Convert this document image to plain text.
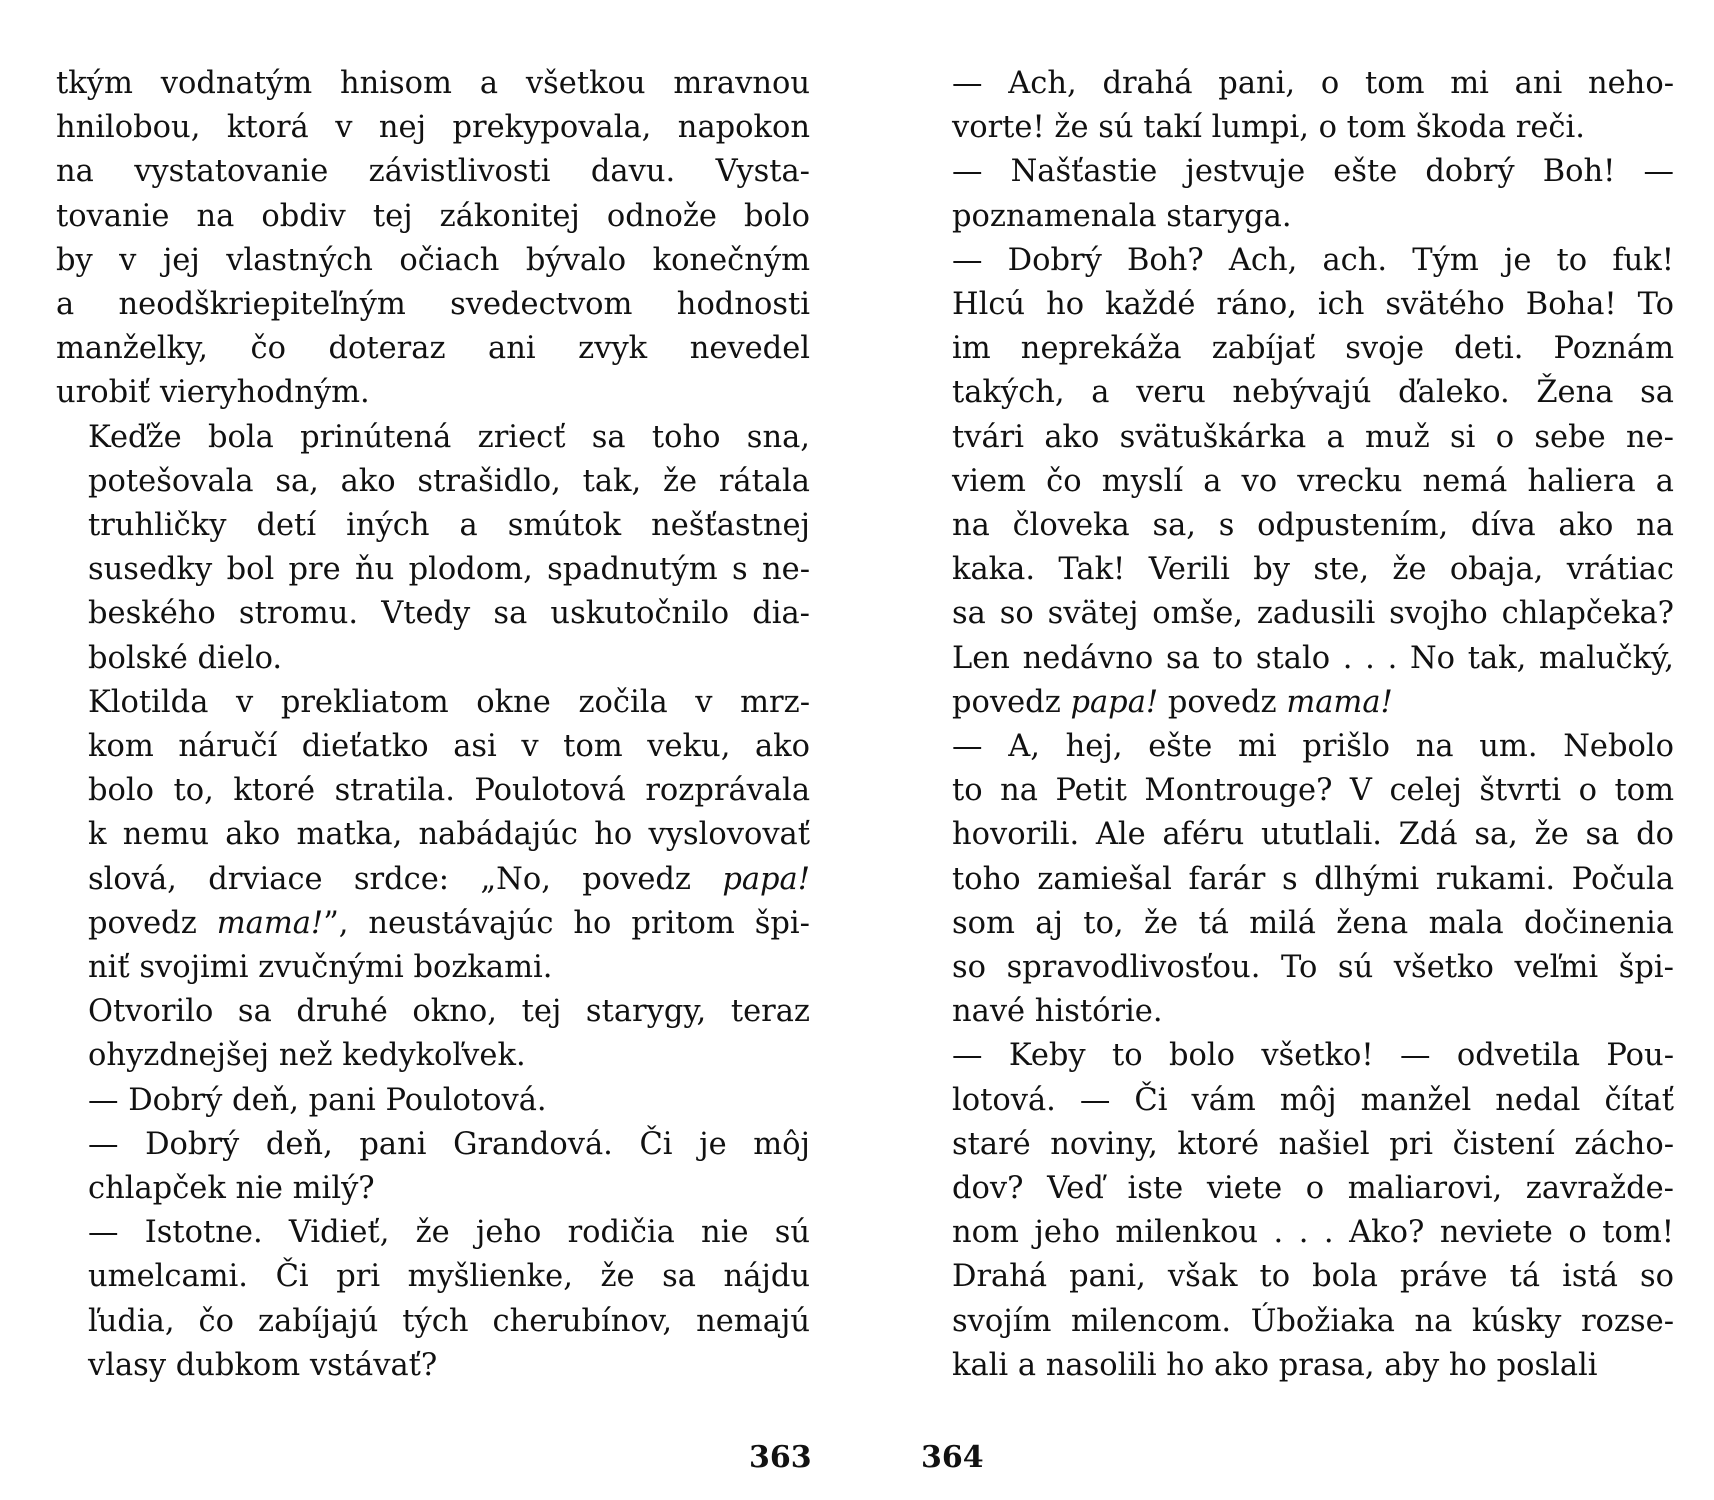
tkým vodnatým hnisom a všetkou mravnou
hnilobou, ktorá v nej prekypovala, napokon
na vystatovanie závistlivosti davu. Vysta-
tovanie na obdiv tej zákonitej odnože bolo
by v jej vlastných očiach bývalo konečným
a neodškriepiteľným svedectvom hodnosti
manželky, čo doteraz ani zvyk nevedel
urobiť vieryhodným.

Keďže bola prinútená zriecť sa toho sna,
potešovala sa, ako strašidlo, tak, že rátala
truhličky detí iných a smútok nešťastnej
susedky bol pre ňu plodom, spadnutým s ne-
beského stromu. Vtedy sa uskutočnilo dia-
bolské dielo.

Klotilda v prekliatom okne zočila v mrz-
kom náručí dieťatko asi v tom veku, ako
bolo to, ktoré stratila. Poulotová rozprávala
k nemu ako matka, nabádajúc ho vyslovovať
slová, drviace srdce: „No, povedz papa!
povedz mama!”, neustávajúc ho pritom špi-
niť svojimi zvučnými bozkami.

Otvorilo sa druhé okno, tej starygy, teraz
ohyzdnejšej než kedykoľvek.

— Dobrý deň, pani Poulotová.

— Dobrý deň, pani Grandová. Či je môj
chlapček nie milý?

— Istotne. Vidieť, že jeho rodičia nie sú
umelcami. Či pri myšlienke, že sa nájdu
ľudia, čo zabíjajú tých cherubínov, nemajú
vlasy dubkom vstávať?

363

— Ach, drahá pani, o tom mi ani neho-
vorte! že sú takí lumpi, o tom škoda reči.

— Našťastie jestvuje ešte dobrý Boh! —
poznamenala staryga.

— Dobrý Boh? Ach, ach. Tým je to fuk!
Hlcú ho každé ráno, ich svätého Boha! To
im neprekáža zabíjať svoje deti. Poznám
takých, a veru nebývajú ďaleko. Žena sa
tvári ako svätuškárka a muž si o sebe ne-
viem čo myslí a vo vrecku nemá haliera a
na človeka sa, s odpustením, díva ako na
kaka. Tak! Verili by ste, že obaja, vrátiac
sa so svätej omše, zadusili svojho chlapčeka?
Len nedávno sa to stalo . . . No tak, malučký,
povedz papa! povedz mama!

— A, hej, ešte mi prišlo na um. Nebolo
to na Petit Montrouge? V celej štvrti o tom
hovorili. Ale aféru ututlali. Zdá sa, že sa do
toho zamiešal farár s dlhými rukami. Počula
som aj to, že tá milá žena mala dočinenia
so spravodlivosťou. To sú všetko veľmi špi-
navé histórie.

— Keby to bolo všetko! — odvetila Pou-
lotová. — Či vám môj manžel nedal čítať
staré noviny, ktoré našiel pri čistení zácho-
dov? Veď iste viete o maliarovi, zavražde-
nom jeho milenkou . . . Ako? neviete o tom!
Drahá pani, však to bola práve tá istá so
svojím milencom. Úbožiaka na kúsky rozse-
kali a nasolili ho ako prasa, aby ho poslali

364
